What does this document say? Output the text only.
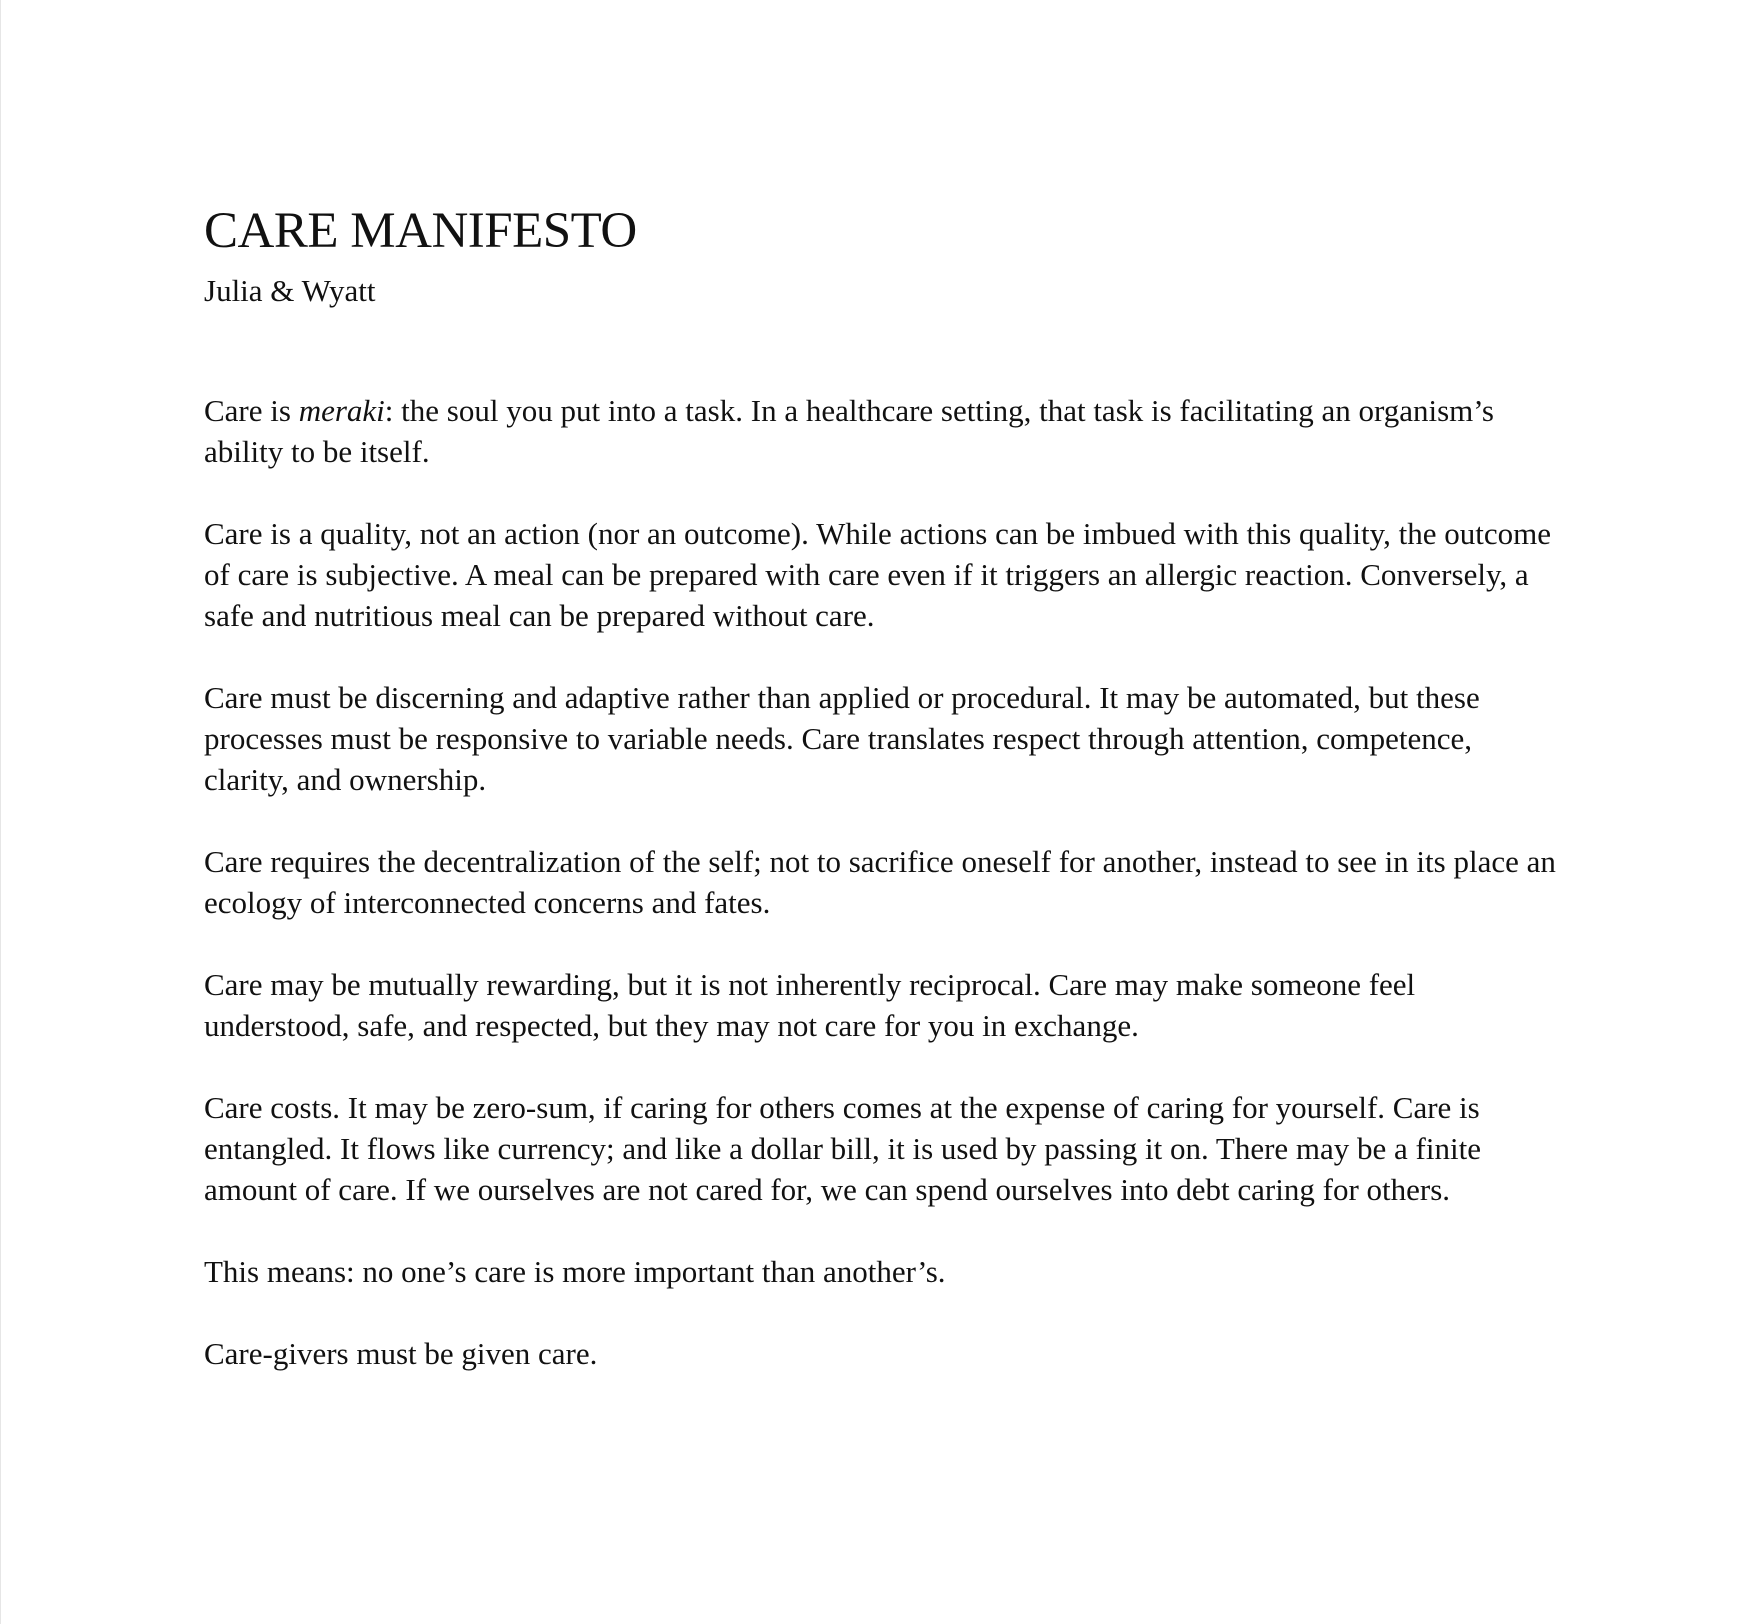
CARE MANIFESTO
Julia & Wyatt

Care is meraki: the soul you put into a task. In a healthcare setting, that task is facilitating an organism’s ability to be itself.

Care is a quality, not an action (nor an outcome). While actions can be imbued with this quality, the outcome of care is subjective. A meal can be prepared with care even if it triggers an allergic reaction. Conversely, a safe and nutritious meal can be prepared without care.

Care must be discerning and adaptive rather than applied or procedural. It may be automated, but these processes must be responsive to variable needs. Care translates respect through attention, competence, clarity, and ownership.

Care requires the decentralization of the self; not to sacrifice oneself for another, instead to see in its place an ecology of interconnected concerns and fates.

Care may be mutually rewarding, but it is not inherently reciprocal. Care may make someone feel understood, safe, and respected, but they may not care for you in exchange.

Care costs. It may be zero-sum, if caring for others comes at the expense of caring for yourself. Care is entangled. It flows like currency; and like a dollar bill, it is used by passing it on. There may be a finite amount of care. If we ourselves are not cared for, we can spend ourselves into debt caring for others.

This means: no one’s care is more important than another’s.

Care-givers must be given care.
